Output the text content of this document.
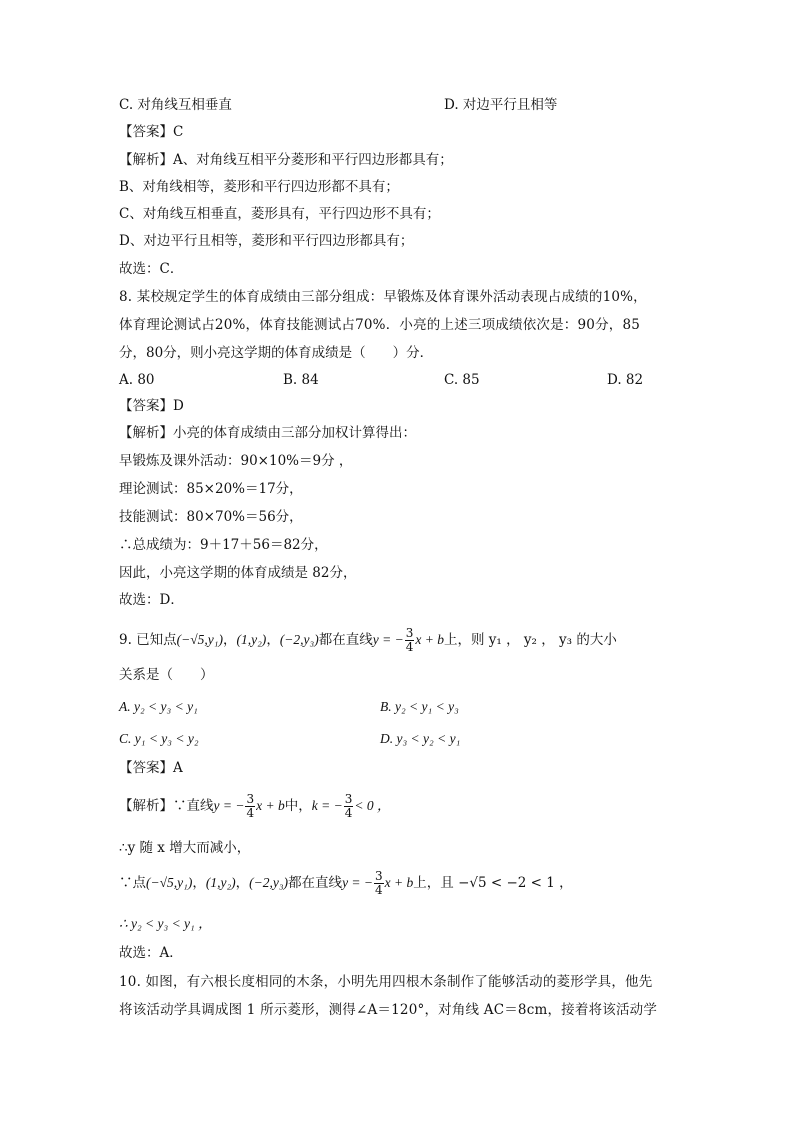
C. 对角线互相垂直	D. 对边平行且相等
【答案】C
【解析】A、对角线互相平分菱形和平行四边形都具有；
B、对角线相等，菱形和平行四边形都不具有；
C、对角线互相垂直，菱形具有，平行四边形不具有；
D、对边平行且相等，菱形和平行四边形都具有；
故选：C．
8. 某校规定学生的体育成绩由三部分组成：早锻炼及体育课外活动表现占成绩的10%，
体育理论测试占20%，体育技能测试占70%．小亮的上述三项成绩依次是：90分，85
分，80分，则小亮这学期的体育成绩是（　　）分．
A. 80	B. 84	C. 85	D. 82
【答案】D
【解析】小亮的体育成绩由三部分加权计算得出：
早锻炼及课外活动：90×10%＝9分 ，
理论测试：85×20%＝17分，
技能测试：80×70%＝56分，
∴总成绩为：9＋17＋56＝82分，
因此，小亮这学期的体育成绩是 82分，
故选：D．
9. 已知点(−√5,y₁)，(1,y₂)，(−2,y₃)都在直线y = − $\frac{3}{4}$ x + b上，则 y₁ ， y₂ ， y₃ 的大小
关系是（　　）
A. y₂ < y₃ < y₁	B. y₂ < y₁ < y₃
C. y₁ < y₃ < y₂	D. y₃ < y₂ < y₁
【答案】A
【解析】∵直线y = − $\frac{3}{4}$ x + b中，k = − $\frac{3}{4} < 0$ ，
∴y 随 x 增大而减小，
∵点(−√5,y₁)，(1,y₂)，(−2,y₃)都在直线y = − $\frac{3}{4}$ x + b上，且 −√5 < −2 < 1 ，
∴ y₂ < y₃ < y₁ ，
故选：A．
10. 如图，有六根长度相同的木条，小明先用四根木条制作了能够活动的菱形学具，他先
将该活动学具调成图 1 所示菱形，测得∠A＝120°，对角线 AC＝8cm，接着将该活动学
